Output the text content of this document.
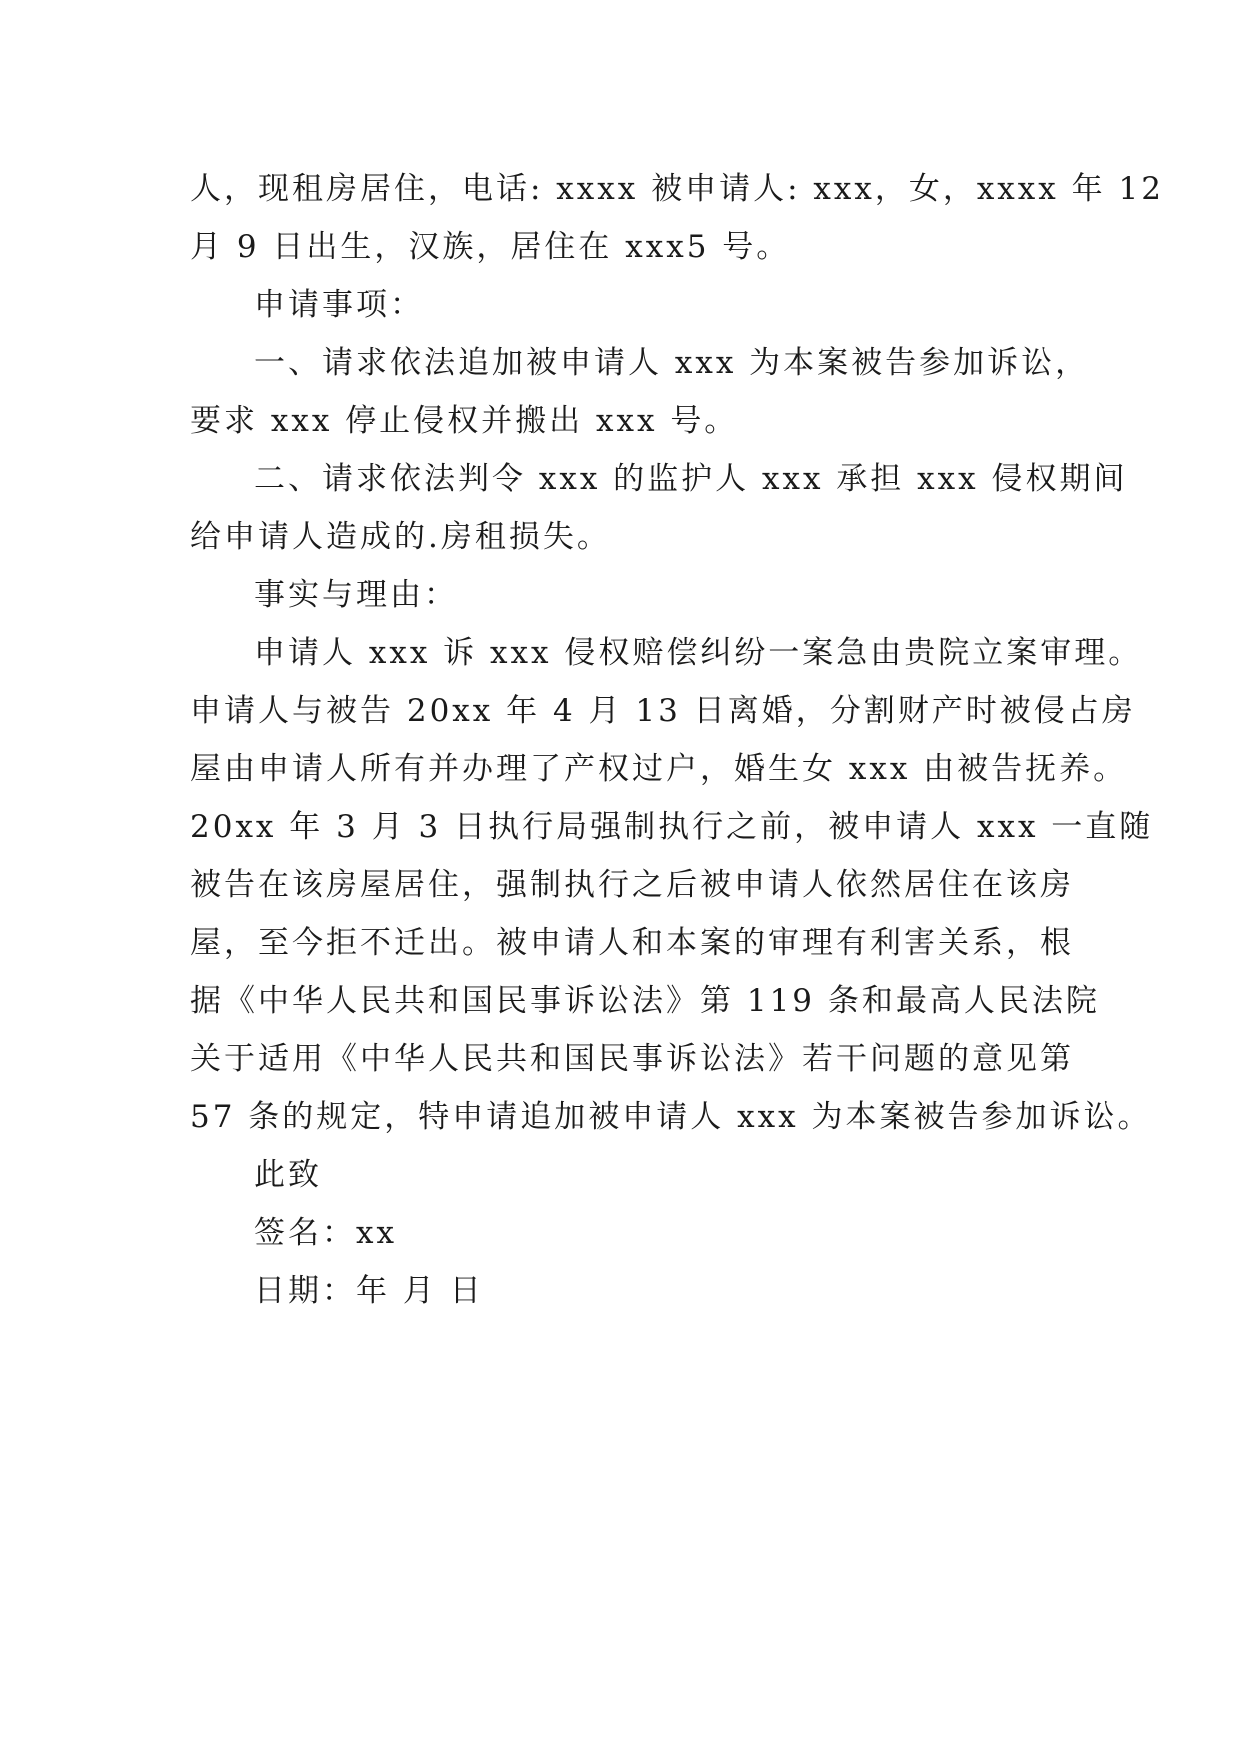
人，现租房居住，电话: xxxx 被申请人: xxx，女，xxxx 年 12
月 9 日出生，汉族，居住在 xxx5 号。
申请事项：
一、请求依法追加被申请人 xxx 为本案被告参加诉讼，
要求 xxx 停止侵权并搬出 xxx 号。
二、请求依法判令 xxx 的监护人 xxx 承担 xxx 侵权期间
给申请人造成的.房租损失。
事实与理由：
申请人 xxx 诉 xxx 侵权赔偿纠纷一案急由贵院立案审理。
申请人与被告 20xx 年 4 月 13 日离婚，分割财产时被侵占房
屋由申请人所有并办理了产权过户，婚生女 xxx 由被告抚养。
20xx 年 3 月 3 日执行局强制执行之前，被申请人 xxx 一直随
被告在该房屋居住，强制执行之后被申请人依然居住在该房
屋，至今拒不迁出。被申请人和本案的审理有利害关系，根
据《中华人民共和国民事诉讼法》第 119 条和最高人民法院
关于适用《中华人民共和国民事诉讼法》若干问题的意见第
57 条的规定，特申请追加被申请人 xxx 为本案被告参加诉讼。
此致
签名：xx
日期：年 月 日
